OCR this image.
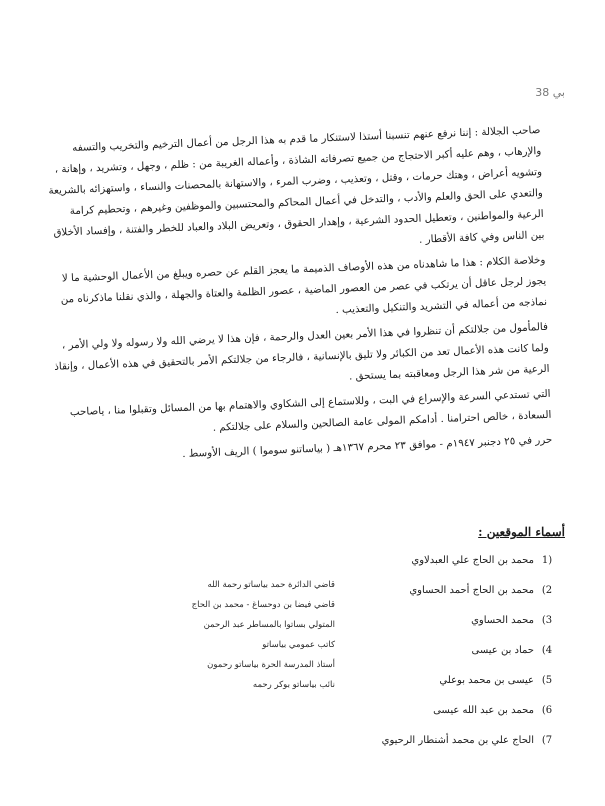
38 بي

صاحب الجلالة : إننا نرفع عنهم تنسبنا أستذا لاستنكار ما قدم به هذا الرجل من أعمال الترخيم والتخريب والتسفه والإرهاب ، وهم عليه أكبر الاحتجاج من جميع تصرفاته الشاذة ، وأعماله الغريبة من : ظلم ، وجهل ، وتشريد ، وإهانة ، وتشويه أعراض ، وهتك حرمات ، وقتل ، وتعذيب ، وضرب المرء ، والاستهانة بالمحصنات والنساء ، واستهزائه بالشريعة والتعدي على الحق والعلم والأدب ، والتدخل في أعمال المحاكم والمحتسبين والموظفين وغيرهم ، وتحطيم كرامة الرعية والمواطنين ، وتعطيل الحدود الشرعية ، وإهدار الحقوق ، وتعريض البلاد والعباد للخطر والفتنة ، وإفساد الأخلاق بين الناس وفي كافة الأقطار .

وخلاصة الكلام : هذا ما شاهدناه من هذه الأوصاف الذميمة ما يعجز القلم عن حصره ويبلغ من الأعمال الوحشية ما لا يجوز لرجل عاقل أن يرتكب في عصر من العصور الماضية ، عصور الظلمة والعتاة والجهلة ، والذي نقلنا ماذكرناه من نماذجه من أعماله في التشريد والتنكيل والتعذيب .

فالمأمول من جلالتكم أن تنظروا في هذا الأمر بعين العدل والرحمة ، فإن هذا لا يرضي الله ولا رسوله ولا ولي الأمر ، ولما كانت هذه الأعمال تعد من الكبائر ولا تليق بالإنسانية ، فالرجاء من جلالتكم الأمر بالتحقيق في هذه الأعمال ، وإنقاذ الرعية من شر هذا الرجل ومعاقبته بما يستحق .

التي تستدعي السرعة والإسراع في البت ، وللاستماع إلى الشكاوي والاهتمام بها من المسائل وتقبلوا منا ، ياصاحب السعادة ، خالص احترامنا . أدامكم المولى عامة الصالحين والسلام على جلالتكم .

حرر في ٢٥ دجنبر ١٩٤٧م - موافق ٢٣ محرم ١٣٦٧هـ ( بياساتنو سوموا ) الريف الأوسط .

أسماء الموقعين :
1)محمد بن الحاج علي العبدلاوي
(2محمد بن الحاج أحمد الحساوي
(3محمد الحساوي
(4حماد بن عيسى
(5عيسى بن محمد بوعلي
(6محمد بن عبد الله عيسى
(7الحاج علي بن محمد أشنطار الرحيوي
قاضي الدائرة حمد بياساتو رحمة الله
قاضي فيضا بن دوحساغ - محمد بن الحاج
المتولي بساتوا بالمساطر عبد الرحمن
كاتب عمومي بياساتو
أستاذ المدرسة الحرة بياساتو رحمون
نائب بياساتو بوكر رحمه
